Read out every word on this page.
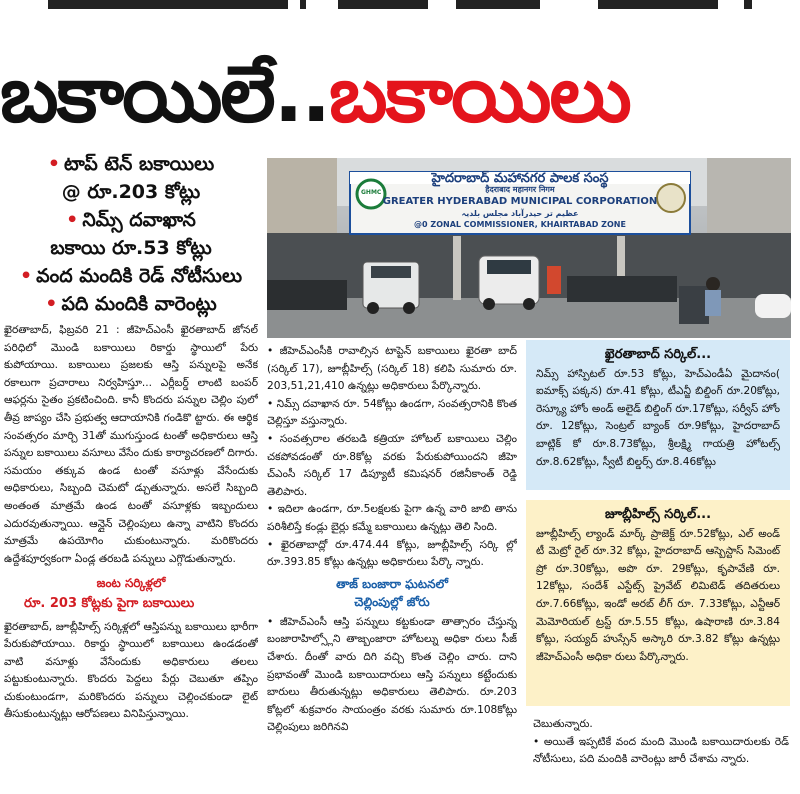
బకాయిలే..బకాయిలు
• టాప్ టెన్ బకాయిలు
@ రూ.203 కోట్లు
• నిమ్స్ దవాఖాన
బకాయి రూ.53 కోట్లు
• వంద మందికి రెడ్ నోటీసులు
• పది మందికి వారెంట్లు

ఖైరతాబాద్, ఫిబ్రవరి 21 : జీహెచ్ఎంసీ ఖైరతాబాద్ జోనల్ పరిధిలో మొండి బకాయిలు రికార్డు స్థాయిలో పేరు కుపోయాయి. బకాయిలు ప్రజలకు ఆస్తి పన్నులపై అనేక రకాలుగా ప్రచారాలు నిర్వహిస్తూ... ఎర్లీబర్డ్ లాంటి బంపర్ ఆఫర్లను సైతం ప్రకటించింది. కానీ కొందరు పన్నుల చెల్లిం పులో తీవ్ర జాప్యం చేసి ప్రభుత్వ ఆదాయానికి గండికొ ట్టారు. ఈ ఆర్థిక సంవత్సరం మార్చి 31తో ముగుస్తుండ టంతో అధికారులు ఆస్తి పన్నుల బకాయిలు వసూలు వేసేం దుకు కార్యాచరణలో దిగారు. సమయం తక్కువ ఉండ టంతో వసూళ్లు వేసేందుకు అధికారులు, సిబ్బంది చెమటో డ్చుతున్నారు. అసలే సిబ్బంది అంతంత మాత్రమే ఉండ టంతో వసూళ్లకు ఇబ్బందులు ఎదురవుతున్నాయి. ఆన్లైన్ చెల్లింపులు ఉన్నా వాటిని కొందరు మాత్రమే ఉపయోగిం చుకుంటున్నారు. మరికొందరు ఉద్దేశపూర్వకంగా ఏండ్ల తరబడి పన్నులు ఎగ్గొడుతున్నారు.

జంట సర్కిళ్లలో
రూ. 203 కోట్లకు పైగా బకాయిలు

ఖైరతాబాద్, జూబ్లీహిల్స్ సర్కిళ్లలో ఆస్తిపన్ను బకాయిలు భారీగా పేరుకుపోయాయి. రికార్డు స్థాయిలో బకాయిలు ఉండడంతో వాటి వసూళ్లు వేసేందుకు అధికారులు తలలు పట్టుకుంటున్నారు. కొందరు పెద్దలు పేర్లు చెబుతూ తప్పిం చుకుంటుండగా, మరికొందరు పన్నులు చెల్లించకుండా లైట్ తీసుకుంటున్నట్లు ఆరోపణలు వినిపిస్తున్నాయి.

హైదరాబాద్ మహానగర పాలక సంస్థ
हैदराबाद महानगर निगम
GREATER HYDERABAD MUNICIPAL CORPORATION
عظیم تر حیدرآباد مجلس بلدیہ
@0 ZONAL COMMISSIONER, KHAIRTABAD ZONE
GHMC

• జీహెచ్ఎంసీకి రావాల్సిన టాప్టెన్ బకాయిలు ఖైరతా బాద్ (సర్కిల్ 17), జూబ్లీహిల్స్ (సర్కిల్ 18) కలిపి సుమారు రూ. 203,51,21,410 ఉన్నట్లు అధికారులు పేర్కొన్నారు.

• నిమ్స్ దవాఖాన రూ. 54కోట్లు ఉండగా, సంవత్సరానికి కొంత చెల్లిస్తూ వస్తున్నారు.

• సంవత్సరాల తరబడి కత్రియా హోటల్ బకాయిలు చెల్లిం చకపోవడంతో రూ.8కోట్ల వరకు పేరుకుపోయిందని జీహె చ్ఎంసీ సర్కిల్ 17 డిప్యూటీ కమిషనర్ రజినీకాంత్ రెడ్డి తెలిపారు.

• ఇదిలా ఉండగా, రూ.5లక్షలకు పైగా ఉన్న వారి జాబి తాను పరిశీలిస్తే కండ్లు బైర్లు కమ్మే బకాయిలు ఉన్నట్లు తెలి సింది.

• ఖైరతాబాద్లో రూ.474.44 కోట్లు, జూబ్లీహిల్స్ సర్కి ల్లో రూ.393.85 కోట్లు ఉన్నట్లు అధికారులు పేర్కొ న్నారు.

తాజ్ బంజారా ఘటనలో
చెల్లింపుల్లో జోరు

• జీహెచ్ఎంసీ ఆస్తి పన్నులు కట్టకుండా తాత్సారం చేస్తున్న బంజారాహిల్స్లోని తాజ్బంజారా హోటల్ను అధికా రులు సీజ్ చేశారు. దీంతో వారు దిగి వచ్చి కొంత చెల్లిం చారు. దాని ప్రభావంతో మొండి బకాయిదారులు ఆస్తి పన్నులు కట్టేందుకు బారులు తీరుతున్నట్లు అధికారులు తెలిపారు. రూ.203 కోట్లలో శుక్రవారం సాయంత్రం వరకు సుమారు రూ.108కోట్లు చెల్లింపులు జరిగినవి

ఖైరతాబాద్ సర్కిల్...
నిమ్స్ హాస్పిటల్ రూ.53 కోట్లు, హెచ్ఎండీఏ మైదానం( ఐమాక్స్ పక్కన) రూ.41 కోట్లు, టీఎన్జీ బిల్డింగ్ రూ.20కోట్లు, రెస్క్యూ హోం అండ్ అలైడ్ బిల్డింగ్ రూ.17కోట్లు, సర్వీస్ హోం రూ. 12కోట్లు, సెంట్రల్ బ్యాంక్ రూ.9కోట్లు, హైదరాబాద్ బాట్లిక్ కో రూ.8.73కోట్లు, శ్రీలక్ష్మి గాయత్రి హోటల్స్ రూ.8.62కోట్లు, స్వీటీ బిల్డర్స్ రూ.8.46కోట్లు
జూబ్లీహిల్స్ సర్కిల్...
జూబ్లీహిల్స్ ల్యాండ్ మార్క్ ప్రాజెక్ట్ రూ.52కోట్లు, ఎల్ అండ్ టీ మెట్రో రైల్ రూ.32 కోట్లు, హైదరాబాద్ ఆస్బెస్టాస్ సిమెంట్ ప్రో రూ.30కోట్లు, అపొ రూ. 29కోట్లు, కృపావేణి రూ. 12కోట్లు, సందేశ్ ఎస్టేట్స్ ప్రైవేట్ లిమిటెడ్ తదితరులు రూ.7.66కోట్లు, ఇండో అరబ్ లీగ్ రూ. 7.33కోట్లు, ఎన్టీఆర్ మెమోరియల్ ట్రస్ట్ రూ.5.55 కోట్లు, ఉషారాణి రూ.3.84 కోట్లు, సయ్యద్ హుస్సేన్ అస్కారి రూ.3.82 కోట్లు ఉన్నట్లు జీహెచ్ఎంసీ అధికా రులు పేర్కొన్నారు.

చెబుతున్నారు.

• అయితే ఇప్పటికే వంద మంది మొండి బకాయిదారులకు రెడ్ నోటీసులు, పది మందికి వారెంట్లు జారీ చేశామ న్నారు.
